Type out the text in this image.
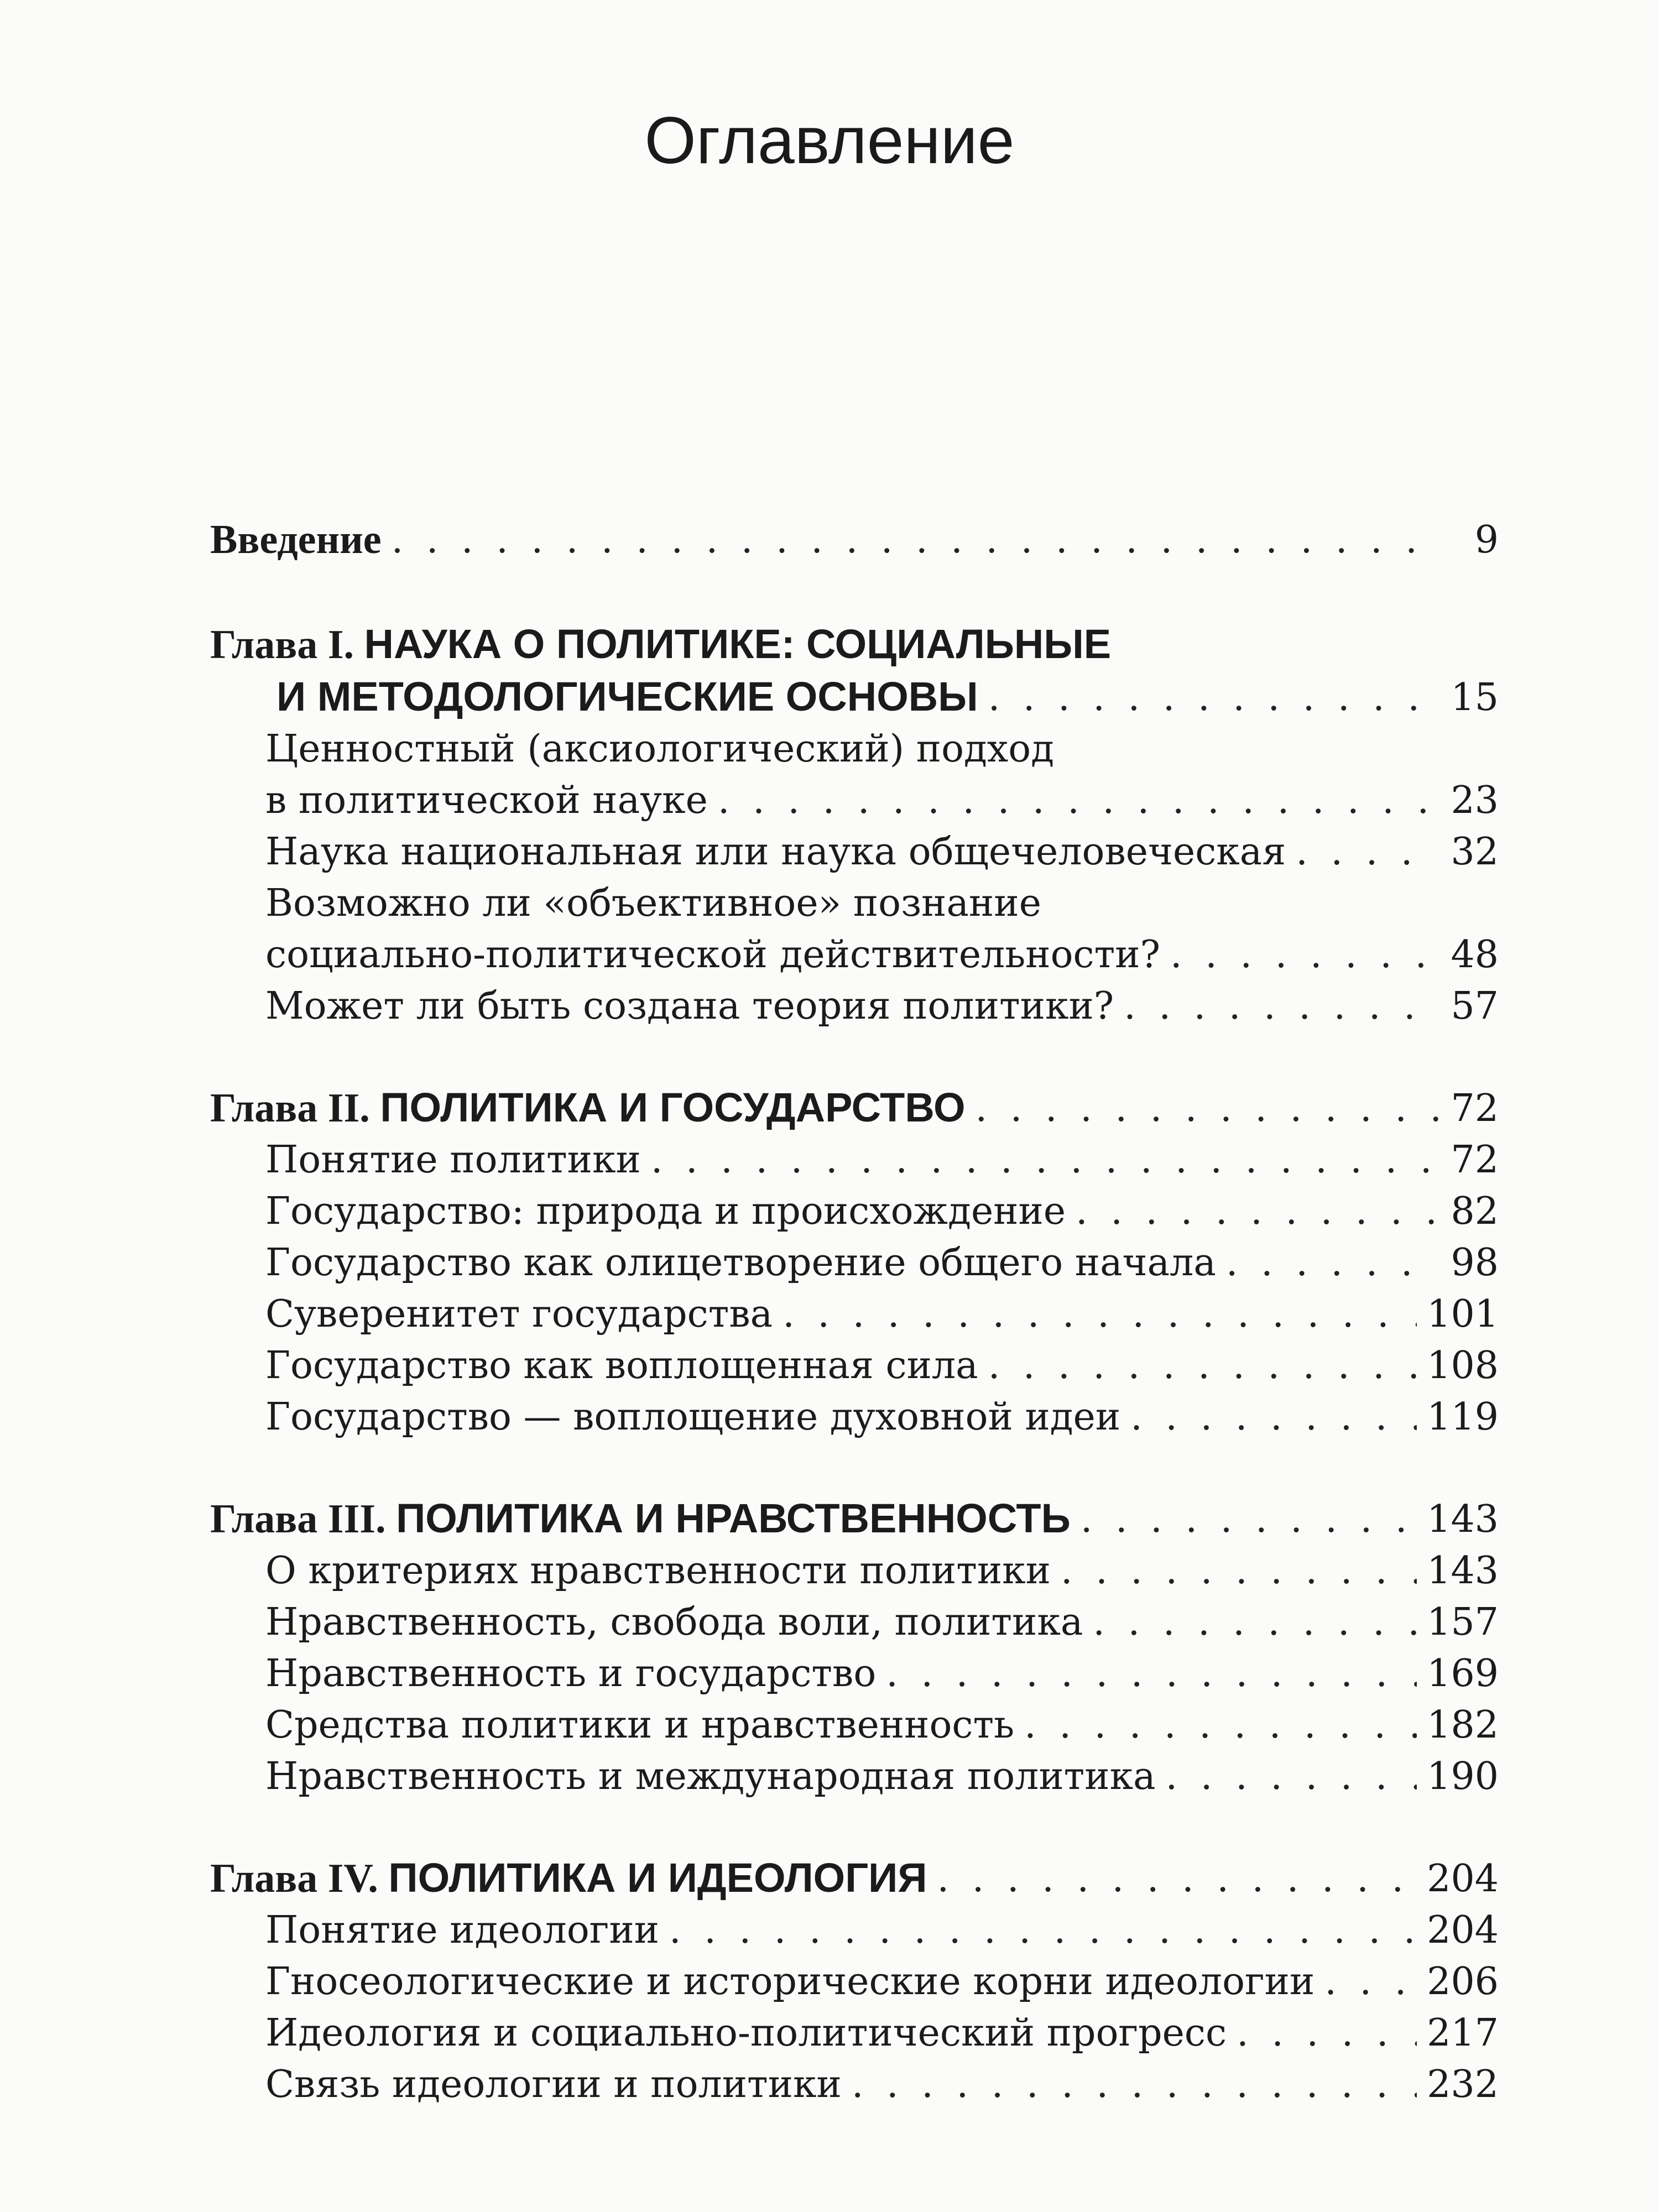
Оглавление
Введение . . .	9
Глава I. НАУКА О ПОЛИТИКЕ: СОЦИАЛЬНЫЕ
И МЕТОДОЛОГИЧЕСКИЕ ОСНОВЫ . . .	15
Ценностный (аксиологический) подход
в политической науке . . .	23
Наука национальная или наука общечеловеческая . . .	32
Возможно ли «объективное» познание
социально-политической действительности? . . .	48
Может ли быть создана теория политики? . . .	57
Глава II. ПОЛИТИКА И ГОСУДАРСТВО . . .	72
Понятие политики . . .	72
Государство: природа и происхождение . . .	82
Государство как олицетворение общего начала . . .	98
Суверенитет государства . . .	101
Государство как воплощенная сила . . .	108
Государство — воплощение духовной идеи . . .	119
Глава III. ПОЛИТИКА И НРАВСТВЕННОСТЬ . . .	143
О критериях нравственности политики . . .	143
Нравственность, свобода воли, политика . . .	157
Нравственность и государство . . .	169
Средства политики и нравственность . . .	182
Нравственность и международная политика . . .	190
Глава IV. ПОЛИТИКА И ИДЕОЛОГИЯ . . .	204
Понятие идеологии . . .	204
Гносеологические и исторические корни идеологии . . .	206
Идеология и социально-политический прогресс . . .	217
Связь идеологии и политики . . .	232
